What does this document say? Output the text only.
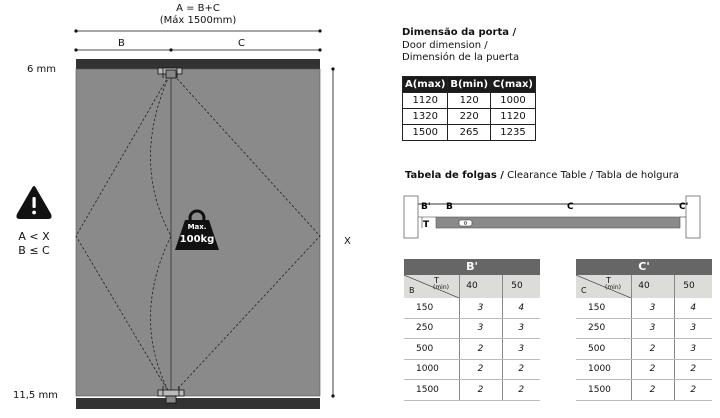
A = B+C
(Máx 1500mm)
B	C
X
6 mm
11,5 mm
Max.
100kg
A < X
B ≤ C
Dimensão da porta /
Door dimension /
Dimensión de la puerta
A(max)	B(min)	C(max)
1120	120	1000
1320	220	1120
1500	265	1235
Tabela de folgas / Clearance Table / Tabla de holgura
B' B	C	C'
T
B'
T
(min)
B	40	50
150	3	4
250	3	3
500	2	3
1000	2	2
1500	2	2
C'
T
(min)
C	40	50
150	3	4
250	3	3
500	2	3
1000	2	2
1500	2	2
